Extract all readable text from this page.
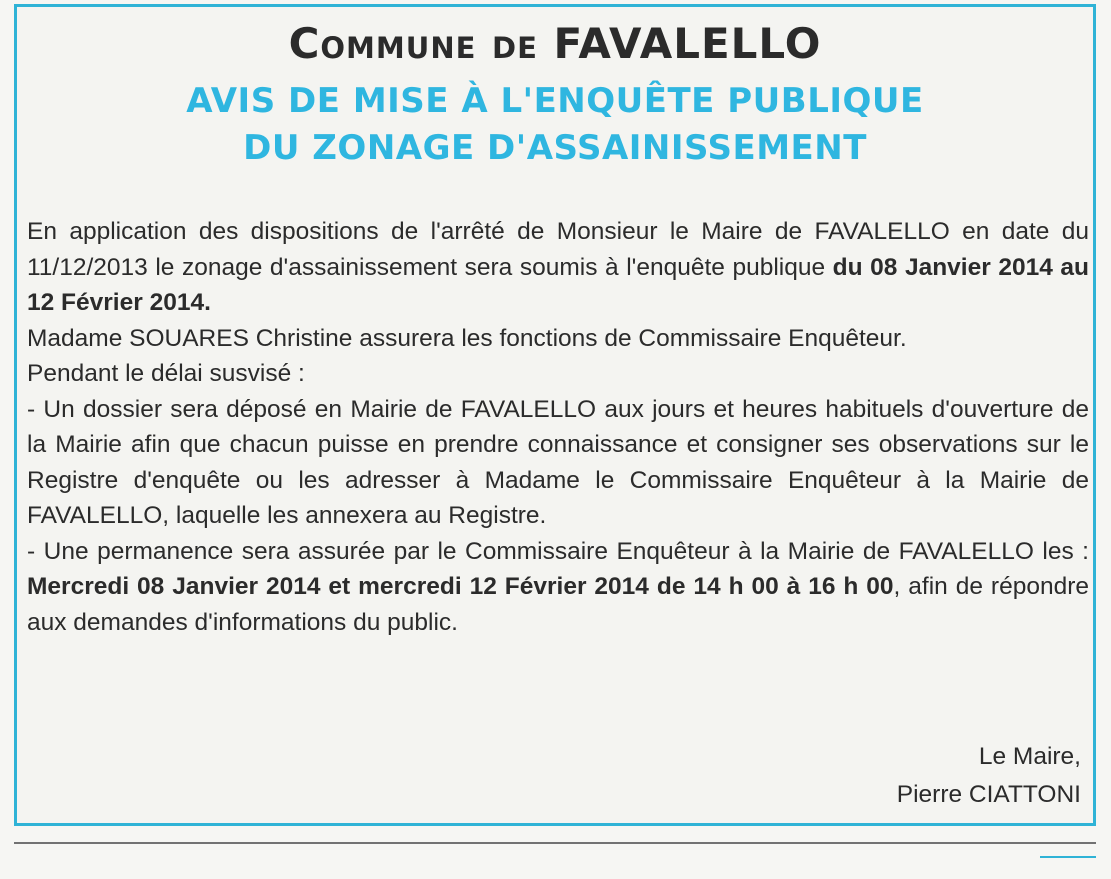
Commune de FAVALELLO
AVIS DE MISE À L'ENQUÊTE PUBLIQUE
DU ZONAGE D'ASSAINISSEMENT

En application des dispositions de l'arrêté de Monsieur le Maire de FAVALELLO en date du 11/12/2013 le zonage d'assainissement sera soumis à l'enquête publique du 08 Janvier 2014 au 12 Février 2014.

Madame SOUARES Christine assurera les fonctions de Commissaire Enquêteur.

Pendant le délai susvisé :

- Un dossier sera déposé en Mairie de FAVALELLO aux jours et heures habituels d'ouverture de la Mairie afin que chacun puisse en prendre connaissance et consigner ses observations sur le Registre d'enquête ou les adresser à Madame le Commissaire Enquêteur à la Mairie de FAVALELLO, laquelle les annexera au Registre.

- Une permanence sera assurée par le Commissaire Enquêteur à la Mairie de FAVALELLO les : Mercredi 08 Janvier 2014 et mercredi 12 Février 2014 de 14 h 00 à 16 h 00, afin de répondre aux demandes d'informations du public.

Le Maire,
Pierre CIATTONI
